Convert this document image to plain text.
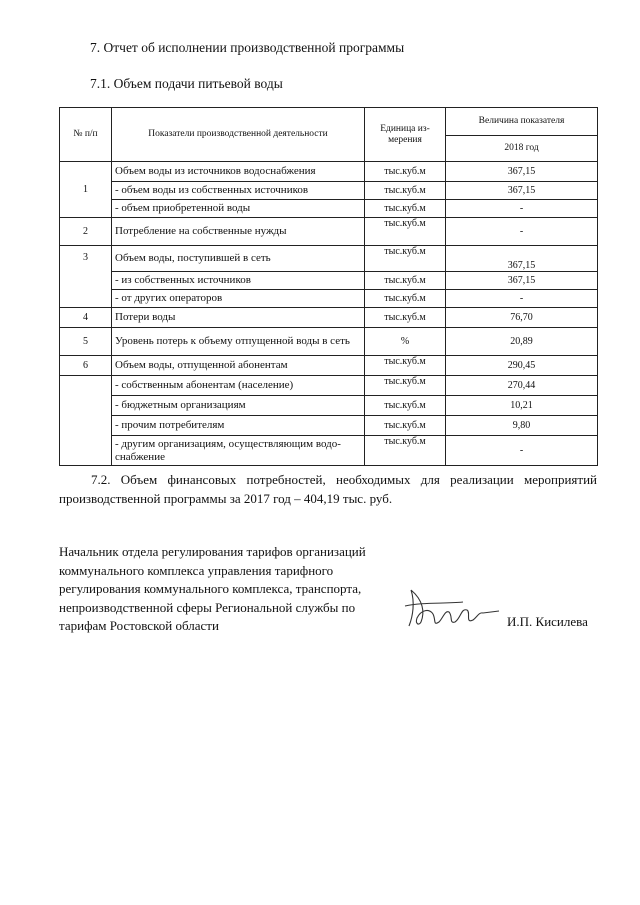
7. Отчет об исполнении производственной программы
7.1. Объем подачи питьевой воды
№ п/п	Показатели производственной деятельности	Единица из-мерения	Величина показателя
			2018 год
1	Объем воды из источников водоснабжения	тыс.куб.м	367,15
	- объем воды из собственных источников	тыс.куб.м	367,15
	- объем приобретенной воды	тыс.куб.м	-
2	Потребление на собственные нужды	тыс.куб.м	-
3	Объем воды, поступившей в сеть	тыс.куб.м	367,15
	- из собственных источников	тыс.куб.м	367,15
	- от других операторов	тыс.куб.м	-
4	Потери воды	тыс.куб.м	76,70
5	Уровень потерь к объему отпущенной воды в сеть	%	20,89
6	Объем воды, отпущенной абонентам	тыс.куб.м	290,45
	- собственным абонентам (население)	тыс.куб.м	270,44
	- бюджетным организациям	тыс.куб.м	10,21
	- прочим потребителям	тыс.куб.м	9,80
	- другим организациям, осуществляющим водо-снабжение	тыс.куб.м	-
7.2. Объем финансовых потребностей, необходимых для реализации мероприятий производственной программы за 2017 год – 404,19 тыс. руб.
Начальник отдела регулирования тарифов организаций коммунального комплекса управления тарифного регулирования коммунального комплекса, транспорта, непроизводственной сферы Региональной службы по тарифам Ростовской области	И.П. Кисилева
